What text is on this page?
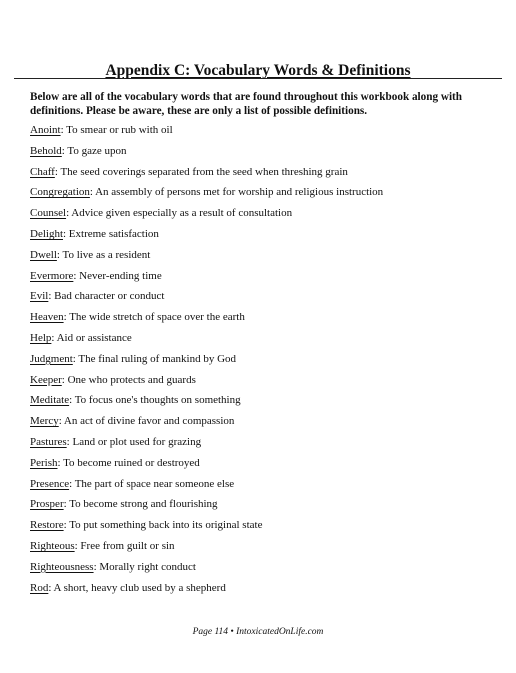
Appendix C: Vocabulary Words & Definitions

Below are all of the vocabulary words that are found throughout this workbook along with

definitions. Please be aware, these are only a list of possible definitions.

Anoint: To smear or rub with oil
Behold: To gaze upon
Chaff: The seed coverings separated from the seed when threshing grain
Congregation: An assembly of persons met for worship and religious instruction
Counsel: Advice given especially as a result of consultation
Delight: Extreme satisfaction
Dwell: To live as a resident
Evermore: Never-ending time
Evil: Bad character or conduct
Heaven: The wide stretch of space over the earth
Help: Aid or assistance
Judgment: The final ruling of mankind by God
Keeper: One who protects and guards
Meditate: To focus one's thoughts on something
Mercy: An act of divine favor and compassion
Pastures: Land or plot used for grazing
Perish: To become ruined or destroyed
Presence: The part of space near someone else
Prosper: To become strong and flourishing
Restore: To put something back into its original state
Righteous: Free from guilt or sin
Righteousness: Morally right conduct
Rod: A short, heavy club used by a shepherd
Page 114 • IntoxicatedOnLife.com
